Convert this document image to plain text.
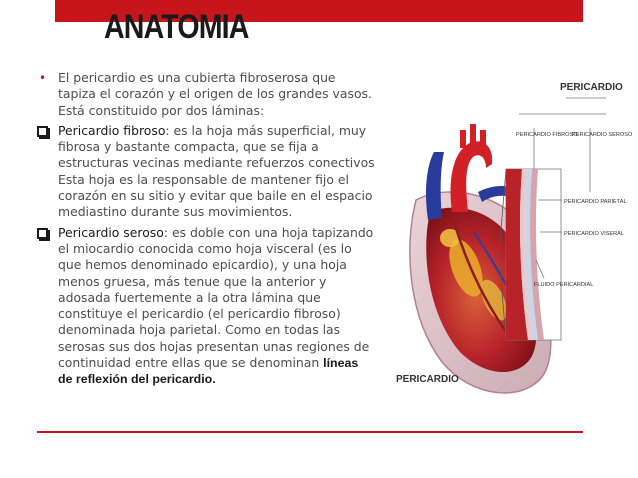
ANATOMIA
• El pericardio es una cubierta fibroserosa que tapiza el corazón y el origen de los grandes vasos. Está constituido por dos láminas:
Pericardio fibroso: es la hoja más superficial, muy fibrosa y bastante compacta, que se fija a estructuras vecinas mediante refuerzos conectivos Esta hoja es la responsable de mantener fijo el corazón en su sitio y evitar que baile en el espacio mediastino durante sus movimientos.
Pericardio seroso: es doble con una hoja tapizando el miocardio conocida como hoja visceral (es lo que hemos denominado epicardio), y una hoja menos gruesa, más tenue que la anterior y adosada fuertemente a la otra lámina que constituye el pericardio (el pericardio fibroso) denominada hoja parietal. Como en todas las serosas sus dos hojas presentan unas regiones de continuidad entre ellas que se denominan líneas de reflexión del pericardio.
PERICARDIO
PERICARDIO FIBROSO
PERICARDIO SEROSO
PERICARDIO PARIETAL
PERICARDIO VISERAL
FLUIDO PERICARDIAL
PERICARDIO
